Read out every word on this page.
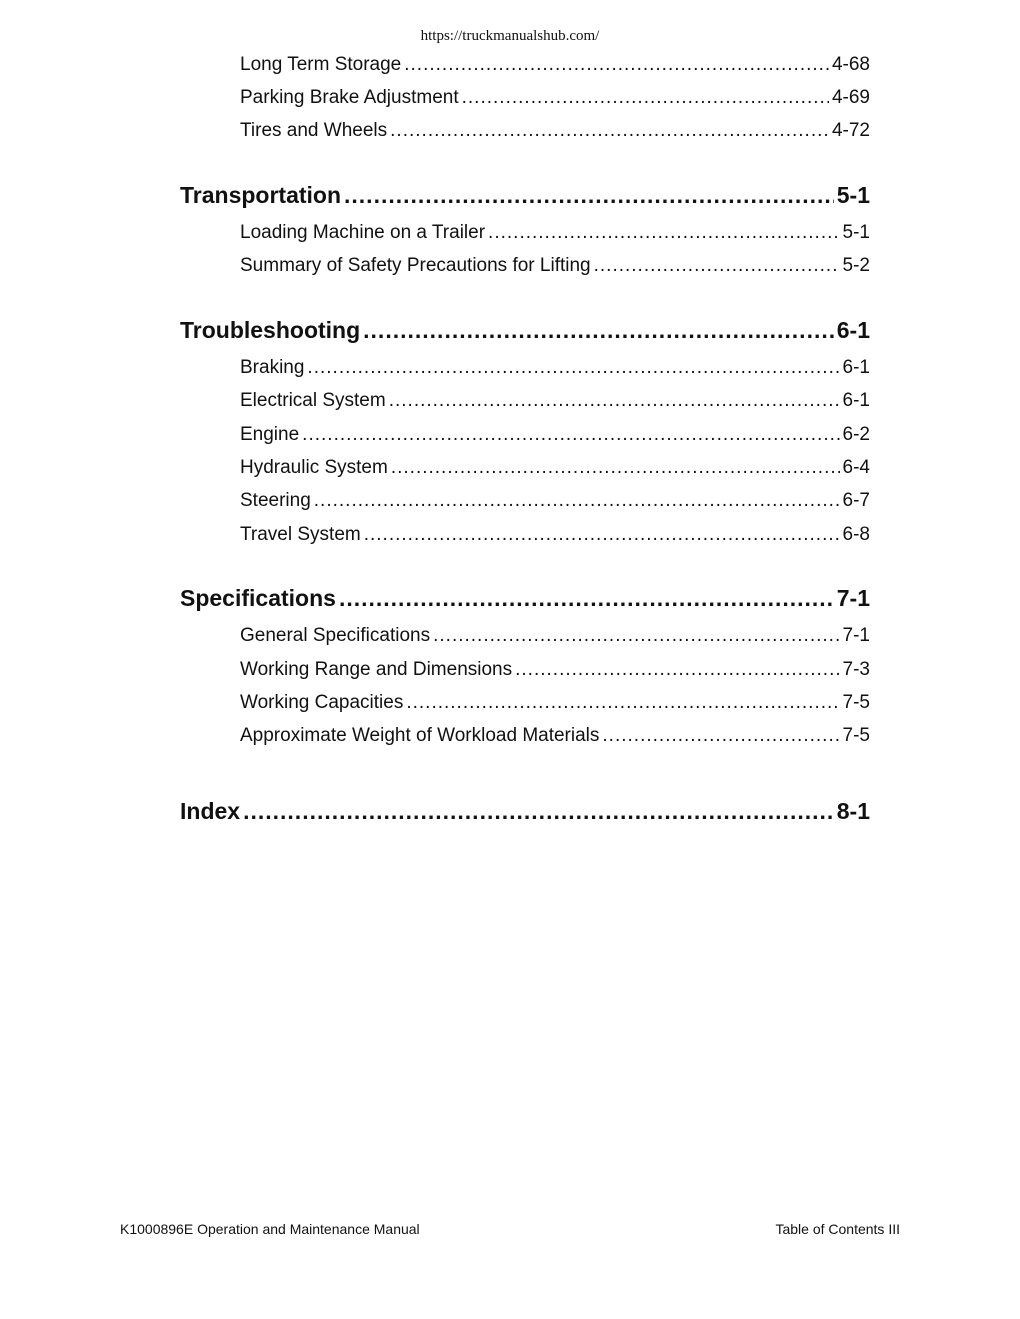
https://truckmanualshub.com/
Long Term Storage .....	4-68
Parking Brake Adjustment .....	4-69
Tires and Wheels .....	4-72
Transportation .....	5-1
Loading Machine on a Trailer .....	5-1
Summary of Safety Precautions for Lifting .....	5-2
Troubleshooting .....	6-1
Braking .....	6-1
Electrical System .....	6-1
Engine .....	6-2
Hydraulic System .....	6-4
Steering .....	6-7
Travel System .....	6-8
Specifications .....	7-1
General Specifications .....	7-1
Working Range and Dimensions .....	7-3
Working Capacities .....	7-5
Approximate Weight of Workload Materials .....	7-5
Index .....	8-1
K1000896E Operation and Maintenance Manual	Table of Contents III
